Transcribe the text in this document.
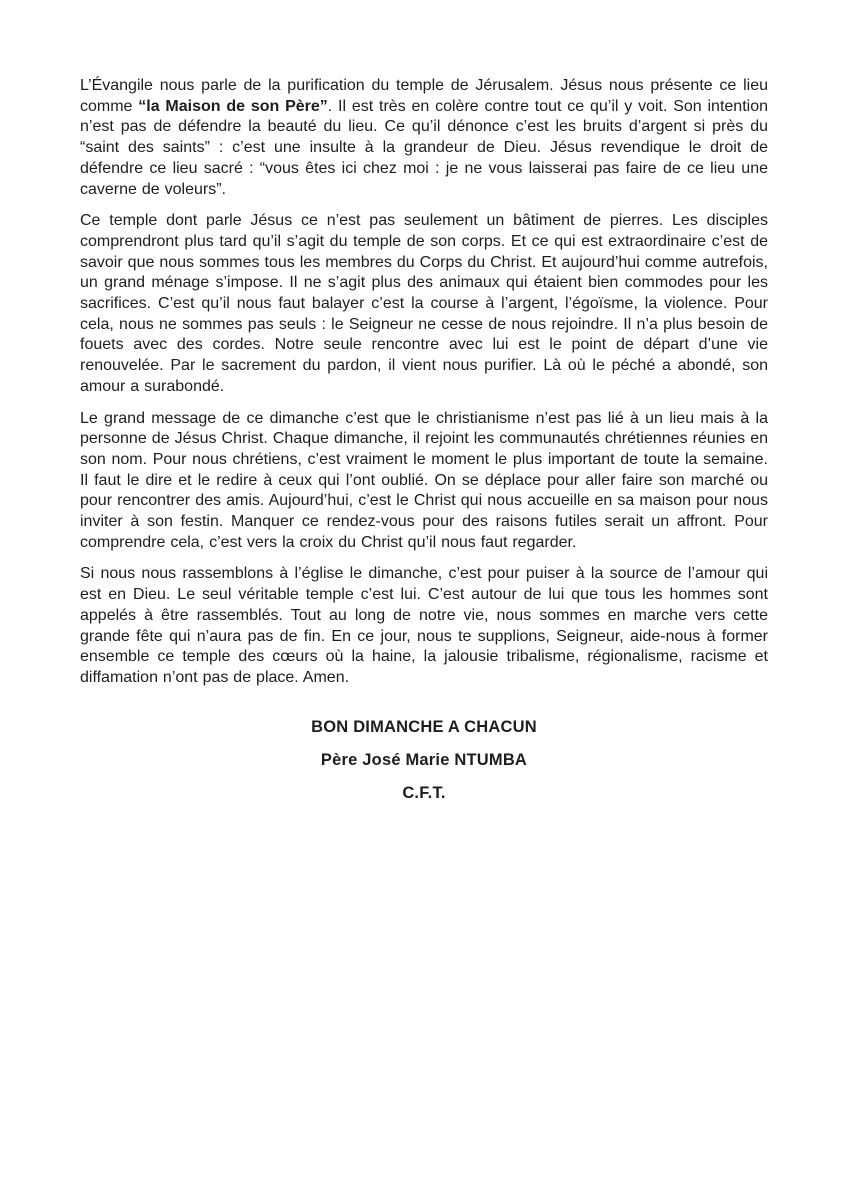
L’Évangile nous parle de la purification du temple de Jérusalem. Jésus nous présente ce lieu comme “la Maison de son Père”. Il est très en colère contre tout ce qu’il y voit. Son intention n’est pas de défendre la beauté du lieu. Ce qu’il dénonce c’est les bruits d’argent si près du “saint des saints” : c’est une insulte à la grandeur de Dieu. Jésus revendique le droit de défendre ce lieu sacré : “vous êtes ici chez moi : je ne vous laisserai pas faire de ce lieu une caverne de voleurs”.

Ce temple dont parle Jésus ce n’est pas seulement un bâtiment de pierres. Les disciples comprendront plus tard qu’il s’agit du temple de son corps. Et ce qui est extraordinaire c’est de savoir que nous sommes tous les membres du Corps du Christ. Et aujourd’hui comme autrefois, un grand ménage s’impose. Il ne s’agit plus des animaux qui étaient bien commodes pour les sacrifices. C’est qu’il nous faut balayer c’est la course à l’argent, l’égoïsme, la violence. Pour cela, nous ne sommes pas seuls : le Seigneur ne cesse de nous rejoindre. Il n’a plus besoin de fouets avec des cordes. Notre seule rencontre avec lui est le point de départ d’une vie renouvelée. Par le sacrement du pardon, il vient nous purifier. Là où le péché a abondé, son amour a surabondé.

Le grand message de ce dimanche c’est que le christianisme n’est pas lié à un lieu mais à la personne de Jésus Christ. Chaque dimanche, il rejoint les communautés chrétiennes réunies en son nom. Pour nous chrétiens, c’est vraiment le moment le plus important de toute la semaine. Il faut le dire et le redire à ceux qui l’ont oublié. On se déplace pour aller faire son marché ou pour rencontrer des amis. Aujourd’hui, c’est le Christ qui nous accueille en sa maison pour nous inviter à son festin. Manquer ce rendez-vous pour des raisons futiles serait un affront. Pour comprendre cela, c’est vers la croix du Christ qu’il nous faut regarder.

Si nous nous rassemblons à l’église le dimanche, c’est pour puiser à la source de l’amour qui est en Dieu. Le seul véritable temple c’est lui. C’est autour de lui que tous les hommes sont appelés à être rassemblés. Tout au long de notre vie, nous sommes en marche vers cette grande fête qui n’aura pas de fin. En ce jour, nous te supplions, Seigneur, aide-nous à former ensemble ce temple des cœurs où la haine, la jalousie tribalisme, régionalisme, racisme et diffamation n’ont pas de place. Amen.

BON DIMANCHE A CHACUN

Père José Marie NTUMBA

C.F.T.
